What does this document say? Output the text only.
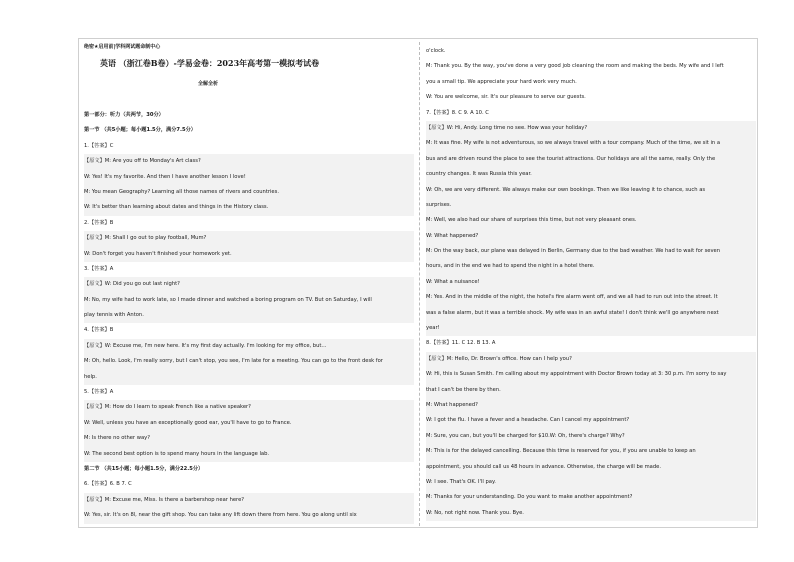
绝密★启用前|学科网试题命制中心
英语 （浙江卷B卷）-学易金卷：2023年高考第一模拟考试卷
全解全析
第一部分：听力（共两节，30分）
第一节 （共5小题；每小题1.5分，满分7.5分）
1.【答案】C
【原文】M: Are you off to Monday's Art class?
W: Yes! It's my favorite. And then I have another lesson I love!
M: You mean Geography? Learning all those names of rivers and countries.
W: It's better than learning about dates and things in the History class.
2.【答案】B
【原文】M: Shall I go out to play football, Mum?
W: Don't forget you haven't finished your homework yet.
3.【答案】A
【原文】W: Did you go out last night?
M: No, my wife had to work late, so I made dinner and watched a boring program on TV. But on Saturday, I will
play tennis with Anton.
4.【答案】B
【原文】W: Excuse me, I'm new here. It's my first day actually. I'm looking for my office, but...
M: Oh, hello. Look, I'm really sorry, but I can't stop, you see, I'm late for a meeting. You can go to the front desk for
help.
5.【答案】A
【原文】M: How do I learn to speak French like a native speaker?
W: Well, unless you have an exceptionally good ear, you'll have to go to France.
M: Is there no other way?
W: The second best option is to spend many hours in the language lab.
第二节 （共15小题；每小题1.5分，满分22.5分）
6.【答案】6. B 7. C
【原文】M: Excuse me, Miss. Is there a barbershop near here?
W: Yes, sir. It's on 8l, near the gift shop. You can take any lift down there from here. You go along until six
o'clock.
M: Thank you. By the way, you've done a very good job cleaning the room and making the beds. My wife and I left
you a small tip. We appreciate your hard work very much.
W: You are welcome, sir. It's our pleasure to serve our guests.
7.【答案】8. C 9. A 10. C
【原文】W: Hi, Andy. Long time no see. How was your holiday?
M: It was fine. My wife is not adventurous, so we always travel with a tour company. Much of the time, we sit in a
bus and are driven round the place to see the tourist attractions. Our holidays are all the same, really. Only the
country changes. It was Russia this year.
W: Oh, we are very different. We always make our own bookings. Then we like leaving it to chance, such as
surprises.
M: Well, we also had our share of surprises this time, but not very pleasant ones.
W: What happened?
M: On the way back, our plane was delayed in Berlin, Germany due to the bad weather. We had to wait for seven
hours, and in the end we had to spend the night in a hotel there.
W: What a nuisance!
M: Yes. And in the middle of the night, the hotel's fire alarm went off, and we all had to run out into the street. It
was a false alarm, but it was a terrible shock. My wife was in an awful state! I don't think we'll go anywhere next
year!
8.【答案】11. C 12. B 13. A
【原文】M: Hello, Dr. Brown's office. How can I help you?
W: Hi, this is Susan Smith. I'm calling about my appointment with Doctor Brown today at 3: 30 p.m. I'm sorry to say
that I can't be there by then.
M: What happened?
W: I got the flu. I have a fever and a headache. Can I cancel my appointment?
M: Sure, you can, but you'll be charged for $10.W: Oh, there's charge? Why?
M: This is for the delayed cancelling. Because this time is reserved for you, if you are unable to keep an
appointment, you should call us 48 hours in advance. Otherwise, the charge will be made.
W: I see. That's OK. I'll pay.
M: Thanks for your understanding. Do you want to make another appointment?
W: No, not right now. Thank you. Bye.
